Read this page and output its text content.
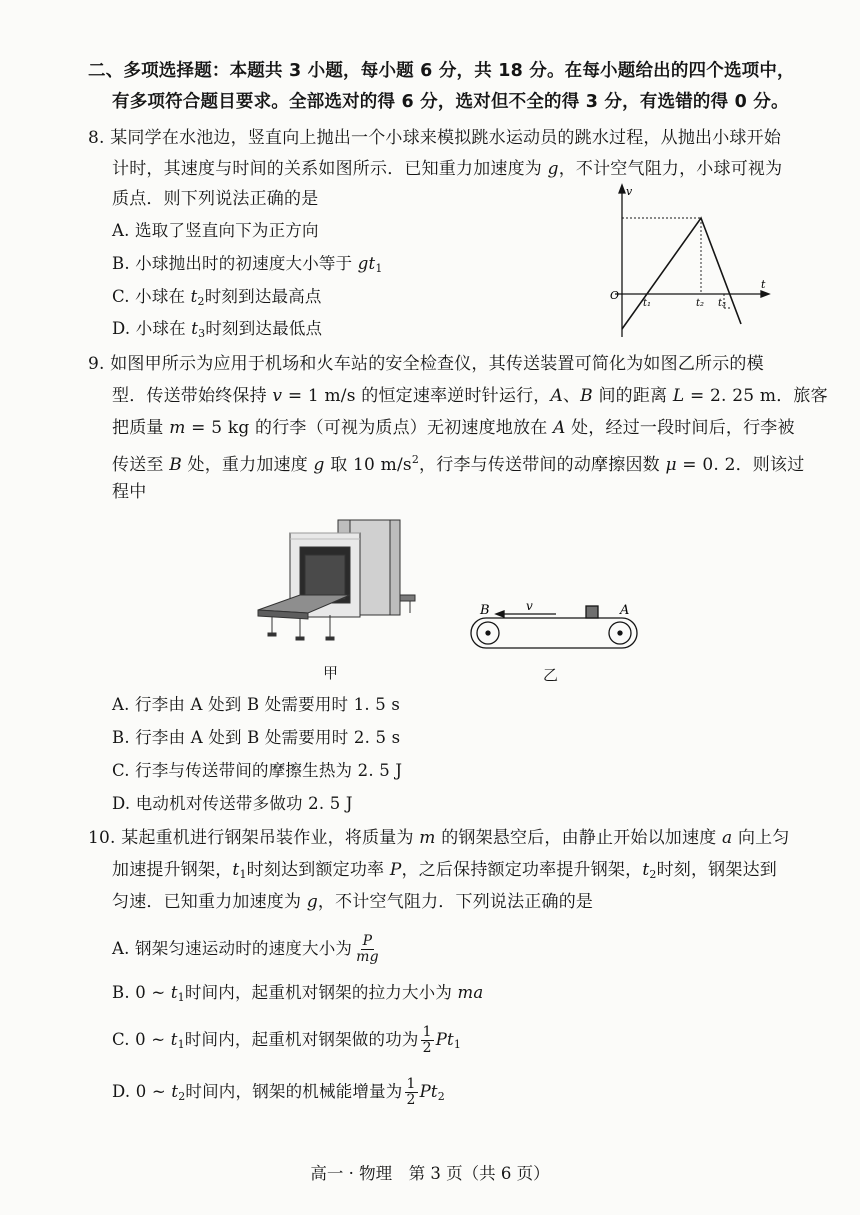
二、多项选择题：本题共 3 小题，每小题 6 分，共 18 分。在每小题给出的四个选项中，
有多项符合题目要求。全部选对的得 6 分，选对但不全的得 3 分，有选错的得 0 分。
8. 某同学在水池边，竖直向上抛出一个小球来模拟跳水运动员的跳水过程，从抛出小球开始
计时，其速度与时间的关系如图所示．已知重力加速度为 g，不计空气阻力，小球可视为
质点．则下列说法正确的是
A. 选取了竖直向下为正方向
B. 小球抛出时的初速度大小等于 $gt_1$
C. 小球在 $t_2$时刻到达最高点
D. 小球在 $t_3$时刻到达最低点
v
t
O
t₁	t₂ t₃
9. 如图甲所示为应用于机场和火车站的安全检查仪，其传送装置可简化为如图乙所示的模
型．传送带始终保持 v = 1 m/s 的恒定速率逆时针运行，A、B 间的距离 L = 2. 25 m．旅客
把质量 m = 5 kg 的行李（可视为质点）无初速度地放在 A 处，经过一段时间后，行李被
传送至 B 处，重力加速度 g 取 10 $m/s^2$，行李与传送带间的动摩擦因数 μ = 0. 2．则该过
程中
甲
B	A
v
乙
A. 行李由 A 处到 B 处需要用时 1. 5 s
B. 行李由 A 处到 B 处需要用时 2. 5 s
C. 行李与传送带间的摩擦生热为 2. 5 J
D. 电动机对传送带多做功 2. 5 J
10. 某起重机进行钢架吊装作业，将质量为 m 的钢架悬空后，由静止开始以加速度 a 向上匀
加速提升钢架，$t_1$时刻达到额定功率 P，之后保持额定功率提升钢架，$t_2$时刻，钢架达到
匀速．已知重力加速度为 g，不计空气阻力．下列说法正确的是
A. 钢架匀速运动时的速度大小为 $\frac{P}{mg}$
B. 0 ~ $t_1$时间内，起重机对钢架的拉力大小为 ma
C. 0 ~ $t_1$时间内，起重机对钢架做的功为 $\frac{1}{2} Pt_1$
D. 0 ~ $t_2$时间内，钢架的机械能增量为 $\frac{1}{2} Pt_2$
高一 · 物理　第 3 页（共 6 页）
